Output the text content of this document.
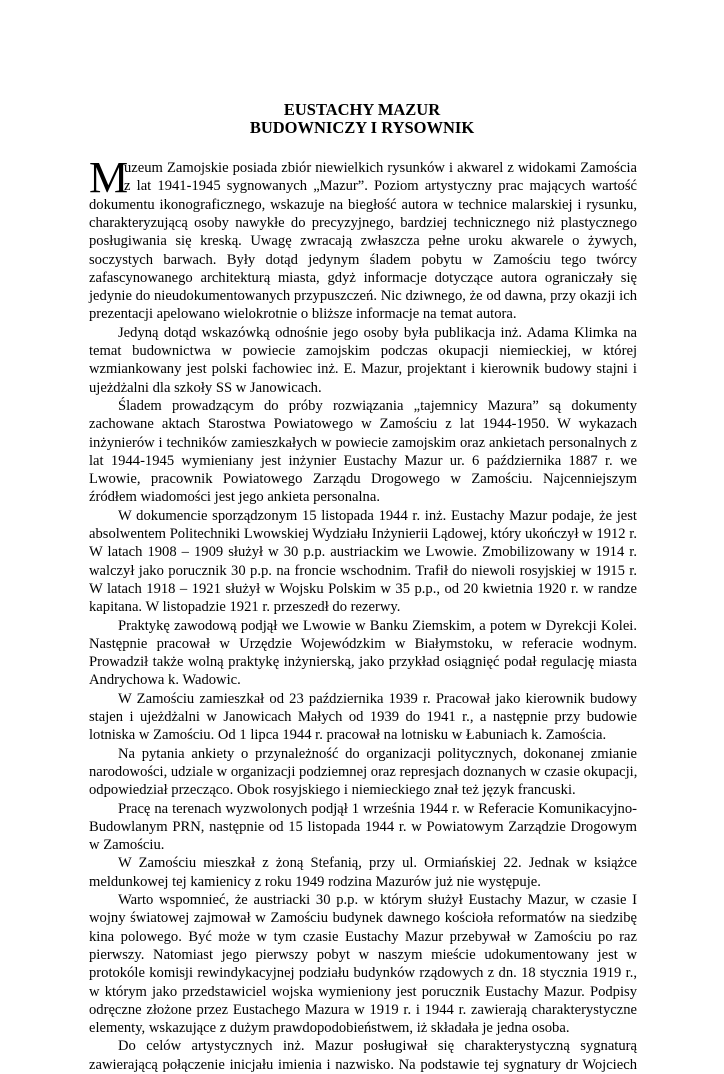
EUSTACHY MAZUR
BUDOWNICZY I RYSOWNIK
M

uzeum Zamojskie posiada zbiór niewielkich rysunków i akwarel z widokami Zamościa

z lat 1941-1945 sygnowanych „Mazur”. Poziom artystyczny prac mających wartość

dokumentu ikonograficznego, wskazuje na biegłość autora w technice malarskiej i rysunku,

charakteryzującą osoby nawykłe do precyzyjnego, bardziej technicznego niż plastycznego

posługiwania się kreską. Uwagę zwracają zwłaszcza pełne uroku akwarele o żywych,

soczystych barwach. Były dotąd jedynym śladem pobytu w Zamościu tego twórcy

zafascynowanego architekturą miasta, gdyż informacje dotyczące autora ograniczały się

jedynie do nieudokumentowanych przypuszczeń. Nic dziwnego, że od dawna, przy okazji ich

prezentacji apelowano wielokrotnie o bliższe informacje na temat autora.

Jedyną dotąd wskazówką odnośnie jego osoby była publikacja inż. Adama Klimka na

temat budownictwa w powiecie zamojskim podczas okupacji niemieckiej, w której

wzmiankowany jest polski fachowiec inż. E. Mazur, projektant i kierownik budowy stajni i

ujeżdżalni dla szkoły SS w Janowicach.

Śladem prowadzącym do próby rozwiązania „tajemnicy Mazura” są dokumenty

zachowane aktach Starostwa Powiatowego w Zamościu z lat 1944-1950. W wykazach

inżynierów i techników zamieszkałych w powiecie zamojskim oraz ankietach personalnych z

lat 1944-1945 wymieniany jest inżynier Eustachy Mazur ur. 6 października 1887 r. we

Lwowie, pracownik Powiatowego Zarządu Drogowego w Zamościu. Najcenniejszym

źródłem wiadomości jest jego ankieta personalna.

W dokumencie sporządzonym 15 listopada 1944 r. inż. Eustachy Mazur podaje, że jest

absolwentem Politechniki Lwowskiej Wydziału Inżynierii Lądowej, który ukończył w 1912 r.

W latach 1908 – 1909 służył w 30 p.p. austriackim we Lwowie. Zmobilizowany w 1914 r.

walczył jako porucznik 30 p.p. na froncie wschodnim. Trafił do niewoli rosyjskiej w 1915 r.

W latach 1918 – 1921 służył w Wojsku Polskim w 35 p.p., od 20 kwietnia 1920 r. w randze

kapitana. W listopadzie 1921 r. przeszedł do rezerwy.

Praktykę zawodową podjął we Lwowie w Banku Ziemskim, a potem w Dyrekcji Kolei.

Następnie pracował w Urzędzie Wojewódzkim w Białymstoku, w referacie wodnym.

Prowadził także wolną praktykę inżynierską, jako przykład osiągnięć podał regulację miasta

Andrychowa k. Wadowic.

W Zamościu zamieszkał od 23 października 1939 r. Pracował jako kierownik budowy

stajen i ujeżdżalni w Janowicach Małych od 1939 do 1941 r., a następnie przy budowie

lotniska w Zamościu. Od 1 lipca 1944 r. pracował na lotnisku w Łabuniach k. Zamościa.

Na pytania ankiety o przynależność do organizacji politycznych, dokonanej zmianie

narodowości, udziale w organizacji podziemnej oraz represjach doznanych w czasie okupacji,

odpowiedział przecząco. Obok rosyjskiego i niemieckiego znał też język francuski.

Pracę na terenach wyzwolonych podjął 1 września 1944 r. w Referacie Komunikacyjno-

Budowlanym PRN, następnie od 15 listopada 1944 r. w Powiatowym Zarządzie Drogowym

w Zamościu.

W Zamościu mieszkał z żoną Stefanią, przy ul. Ormiańskiej 22. Jednak w książce

meldunkowej tej kamienicy z roku 1949 rodzina Mazurów już nie występuje.

Warto wspomnieć, że austriacki 30 p.p. w którym służył Eustachy Mazur, w czasie I

wojny światowej zajmował w Zamościu budynek dawnego kościoła reformatów na siedzibę

kina polowego. Być może w tym czasie Eustachy Mazur przebywał w Zamościu po raz

pierwszy. Natomiast jego pierwszy pobyt w naszym mieście udokumentowany jest w

protokóle komisji rewindykacyjnej podziału budynków rządowych z dn. 18 stycznia 1919 r.,

w którym jako przedstawiciel wojska wymieniony jest porucznik Eustachy Mazur. Podpisy

odręczne złożone przez Eustachego Mazura w 1919 r. i 1944 r. zawierają charakterystyczne

elementy, wskazujące z dużym prawdopodobieństwem, iż składała je jedna osoba.

Do celów artystycznych inż. Mazur posługiwał się charakterystyczną sygnaturą

zawierającą połączenie inicjału imienia i nazwisko. Na podstawie tej sygnatury dr Wojciech
